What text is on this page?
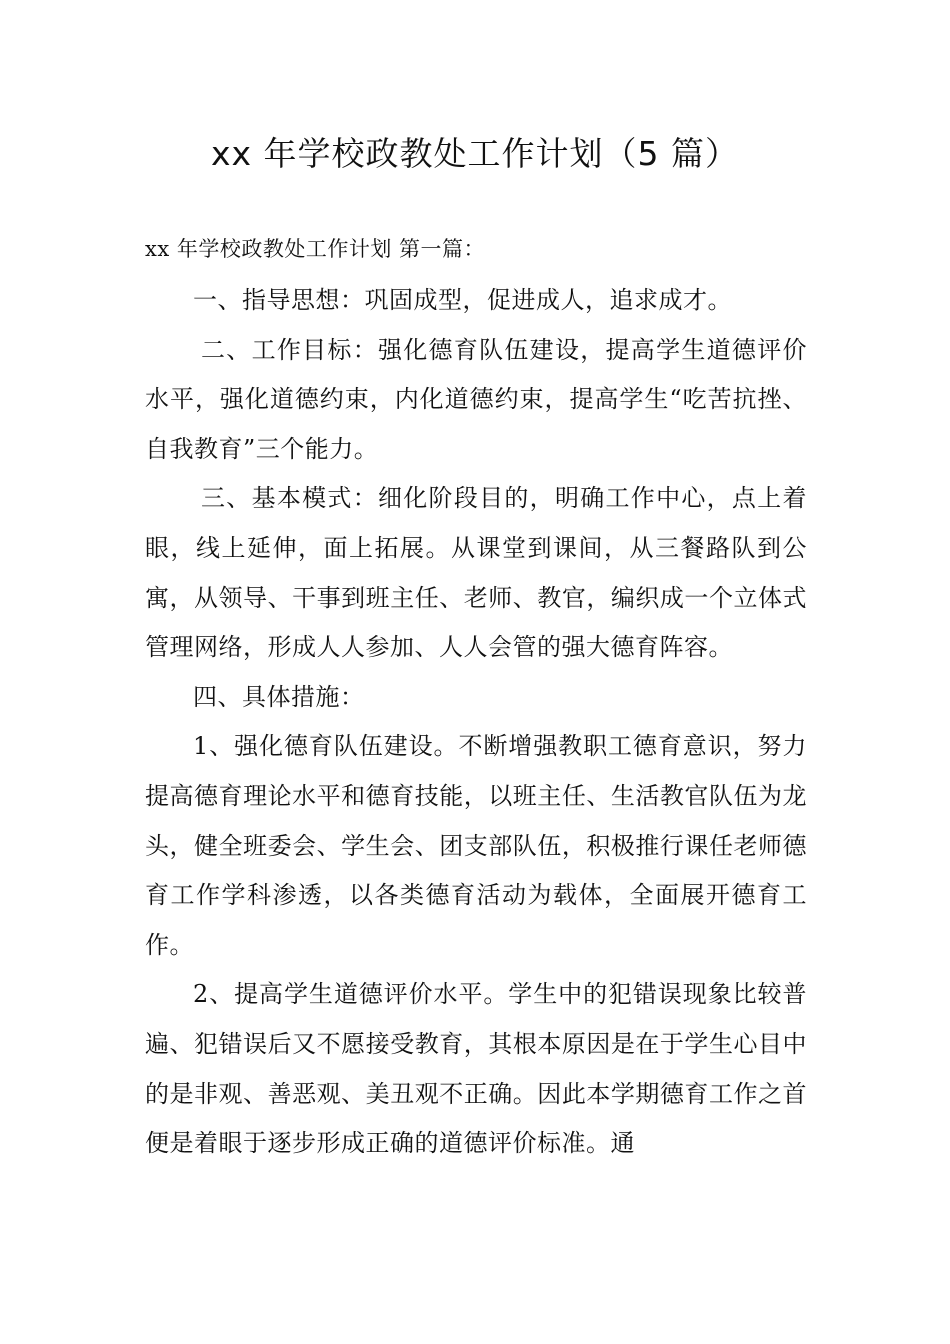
xx 年学校政教处工作计划（5 篇）

xx 年学校政教处工作计划 第一篇：

一、指导思想：巩固成型，促进成人，追求成才。

二、工作目标：强化德育队伍建设，提高学生道德评价水平，强化道德约束，内化道德约束，提高学生“吃苦抗挫、自我教育”三个能力。

三、基本模式：细化阶段目的，明确工作中心，点上着眼，线上延伸，面上拓展。从课堂到课间，从三餐路队到公寓，从领导、干事到班主任、老师、教官，编织成一个立体式管理网络，形成人人参加、人人会管的强大德育阵容。

四、具体措施：

1、强化德育队伍建设。不断增强教职工德育意识，努力提高德育理论水平和德育技能，以班主任、生活教官队伍为龙头，健全班委会、学生会、团支部队伍，积极推行课任老师德育工作学科渗透，以各类德育活动为载体，全面展开德育工作。

2、提高学生道德评价水平。学生中的犯错误现象比较普遍、犯错误后又不愿接受教育，其根本原因是在于学生心目中的是非观、善恶观、美丑观不正确。因此本学期德育工作之首便是着眼于逐步形成正确的道德评价标准。通
